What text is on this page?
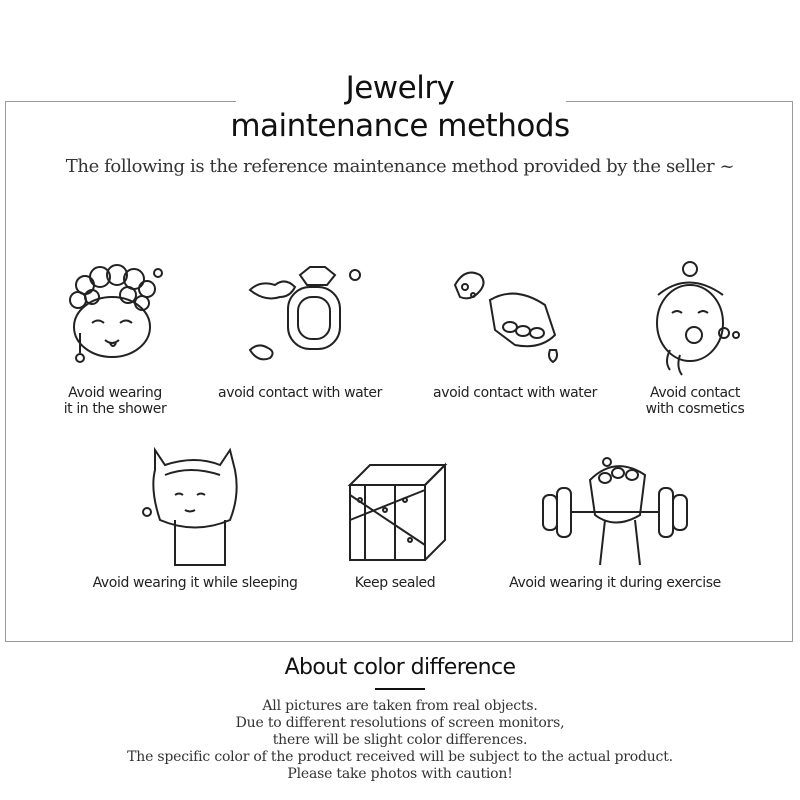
Jewelry
maintenance methods
The following is the reference maintenance method provided by the seller ~
Avoid wearing
it in the shower
avoid contact with water	avoid contact with water	Avoid contact
with cosmetics
Avoid wearing it while sleeping	Keep sealed	Avoid wearing it during exercise
About color difference
All pictures are taken from real objects.
Due to different resolutions of screen monitors,
there will be slight color differences.
The specific color of the product received will be subject to the actual product.
Please take photos with caution!
